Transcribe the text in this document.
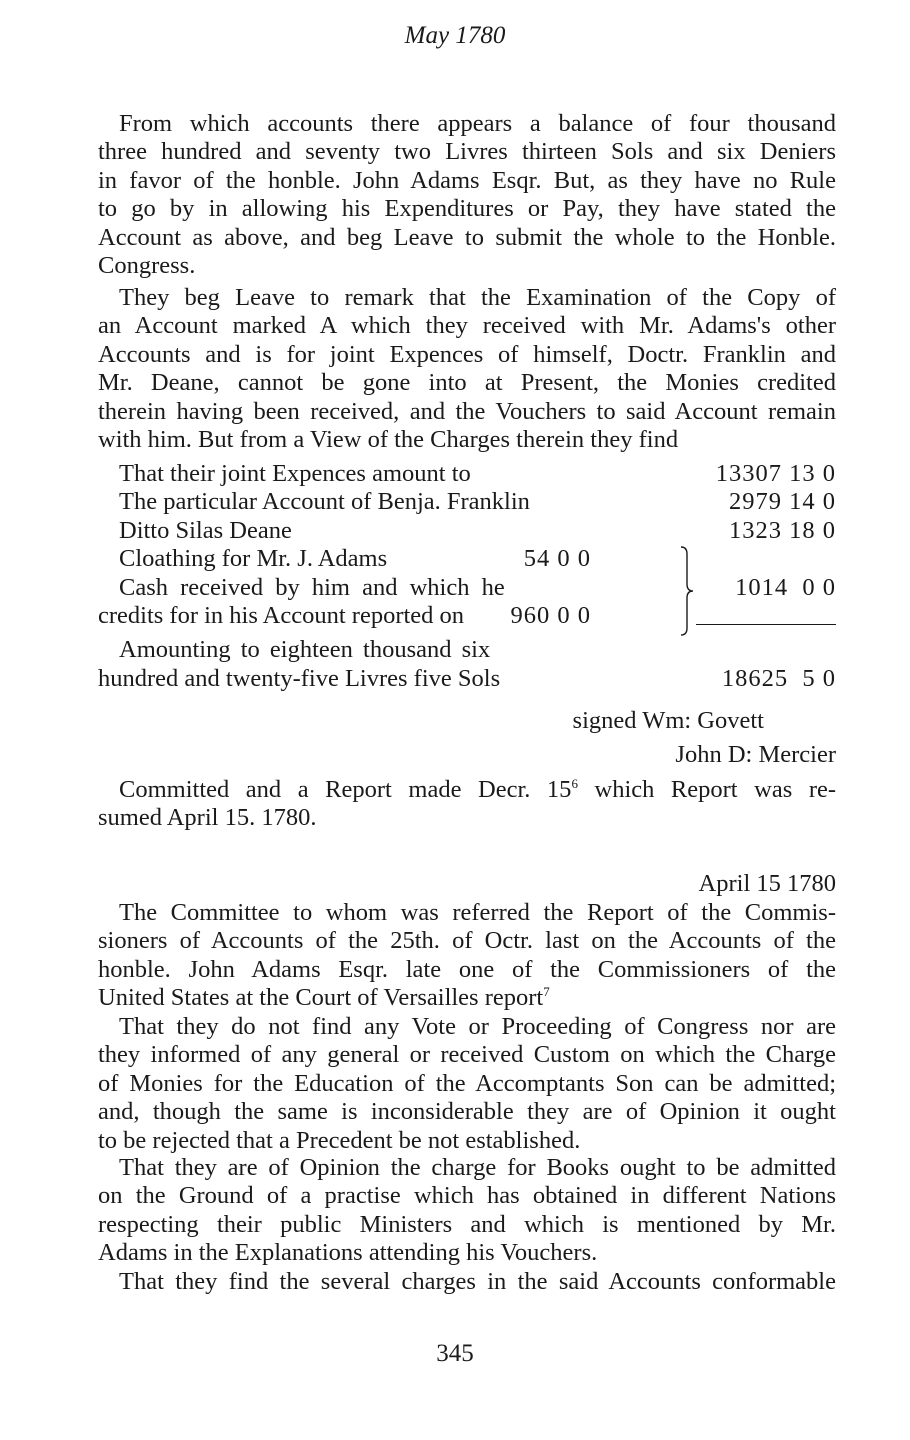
May 1780
From which accounts there appears a balance of four thousand
three hundred and seventy two Livres thirteen Sols and six Deniers
in favor of the honble. John Adams Esqr. But, as they have no Rule
to go by in allowing his Expenditures or Pay, they have stated the
Account as above, and beg Leave to submit the whole to the Honble.
Congress.
They beg Leave to remark that the Examination of the Copy of
an Account marked A which they received with Mr. Adams's other
Accounts and is for joint Expences of himself, Doctr. Franklin and
Mr. Deane, cannot be gone into at Present, the Monies credited
therein having been received, and the Vouchers to said Account remain
with him. But from a View of the Charges therein they find
That their joint Expences amount to	13307 13 0
The particular Account of Benja. Franklin	2979 14 0
Ditto Silas Deane	1323 18 0
Cloathing for Mr. J. Adams	54 0 0
Cash received by him and which he	1014  0 0
credits for in his Account reported on 960 0 0
Amounting to eighteen thousand six
hundred and twenty-five Livres five Sols	18625  5 0
signed Wm: Govett
John D: Mercier
Committed and a Report made Decr. $15^6$ which Report was re-
sumed April 15. 1780.
April 15 1780
The Committee to whom was referred the Report of the Commis-
sioners of Accounts of the 25th. of Octr. last on the Accounts of the
honble. John Adams Esqr. late one of the Commissioners of the
United States at the Court of Versailles report$^7$
That they do not find any Vote or Proceeding of Congress nor are
they informed of any general or received Custom on which the Charge
of Monies for the Education of the Accomptants Son can be admitted;
and, though the same is inconsiderable they are of Opinion it ought
to be rejected that a Precedent be not established.
That they are of Opinion the charge for Books ought to be admitted
on the Ground of a practise which has obtained in different Nations
respecting their public Ministers and which is mentioned by Mr.
Adams in the Explanations attending his Vouchers.
That they find the several charges in the said Accounts conformable
345
